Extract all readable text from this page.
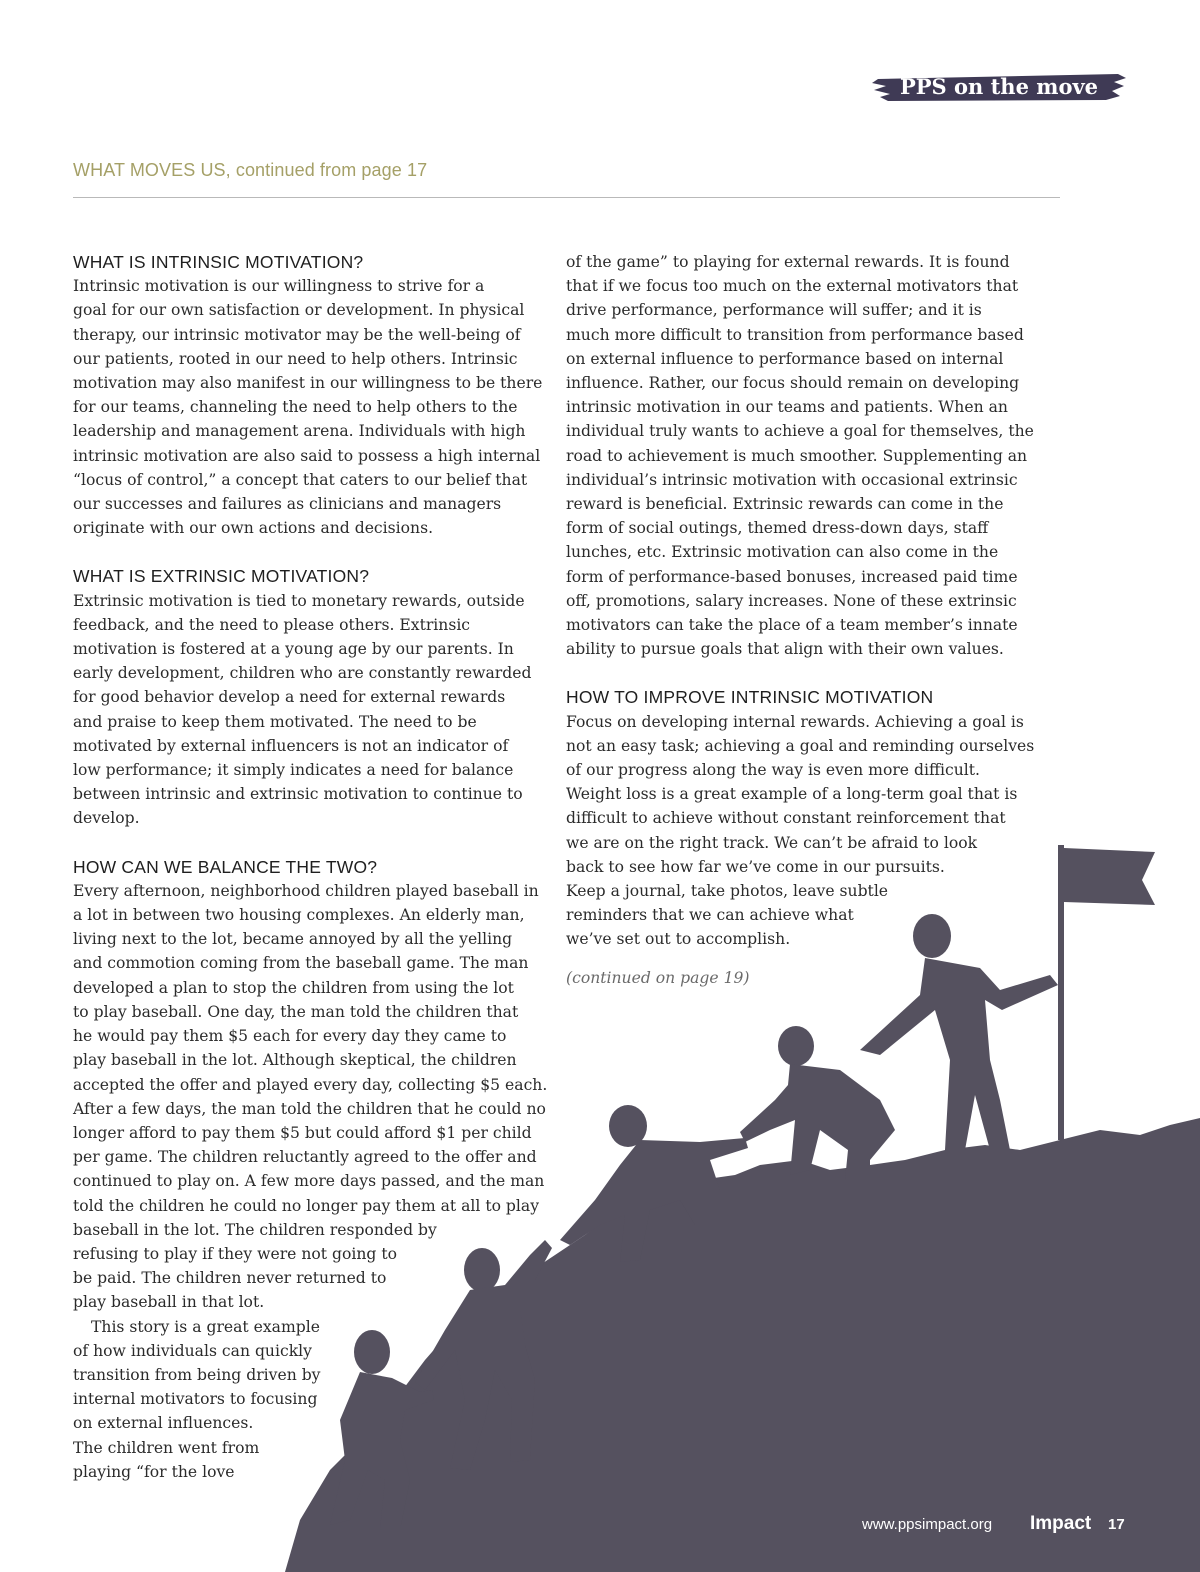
PPS on the move
WHAT MOVES US, continued from page 17
WHAT IS INTRINSIC MOTIVATION?
Intrinsic motivation is our willingness to strive for a
goal for our own satisfaction or development. In physical
therapy, our intrinsic motivator may be the well-being of
our patients, rooted in our need to help others. Intrinsic
motivation may also manifest in our willingness to be there
for our teams, channeling the need to help others to the
leadership and management arena. Individuals with high
intrinsic motivation are also said to possess a high internal
“locus of control,” a concept that caters to our belief that
our successes and failures as clinicians and managers
originate with our own actions and decisions.
WHAT IS EXTRINSIC MOTIVATION?
Extrinsic motivation is tied to monetary rewards, outside
feedback, and the need to please others. Extrinsic
motivation is fostered at a young age by our parents. In
early development, children who are constantly rewarded
for good behavior develop a need for external rewards
and praise to keep them motivated. The need to be
motivated by external influencers is not an indicator of
low performance; it simply indicates a need for balance
between intrinsic and extrinsic motivation to continue to
develop.
HOW CAN WE BALANCE THE TWO?
Every afternoon, neighborhood children played baseball in
a lot in between two housing complexes. An elderly man,
living next to the lot, became annoyed by all the yelling
and commotion coming from the baseball game. The man
developed a plan to stop the children from using the lot
to play baseball. One day, the man told the children that
he would pay them $5 each for every day they came to
play baseball in the lot. Although skeptical, the children
accepted the offer and played every day, collecting $5 each.
After a few days, the man told the children that he could no
longer afford to pay them $5 but could afford $1 per child
per game. The children reluctantly agreed to the offer and
continued to play on. A few more days passed, and the man
told the children he could no longer pay them at all to play
baseball in the lot. The children responded by
refusing to play if they were not going to
be paid. The children never returned to
play baseball in that lot.
This story is a great example
of how individuals can quickly
transition from being driven by
internal motivators to focusing
on external influences.
The children went from
playing “for the love
of the game” to playing for external rewards. It is found
that if we focus too much on the external motivators that
drive performance, performance will suffer; and it is
much more difficult to transition from performance based
on external influence to performance based on internal
influence. Rather, our focus should remain on developing
intrinsic motivation in our teams and patients. When an
individual truly wants to achieve a goal for themselves, the
road to achievement is much smoother. Supplementing an
individual’s intrinsic motivation with occasional extrinsic
reward is beneficial. Extrinsic rewards can come in the
form of social outings, themed dress-down days, staff
lunches, etc. Extrinsic motivation can also come in the
form of performance-based bonuses, increased paid time
off, promotions, salary increases. None of these extrinsic
motivators can take the place of a team member’s innate
ability to pursue goals that align with their own values.
HOW TO IMPROVE INTRINSIC MOTIVATION
Focus on developing internal rewards. Achieving a goal is
not an easy task; achieving a goal and reminding ourselves
of our progress along the way is even more difficult.
Weight loss is a great example of a long-term goal that is
difficult to achieve without constant reinforcement that
we are on the right track. We can’t be afraid to look
back to see how far we’ve come in our pursuits.
Keep a journal, take photos, leave subtle
reminders that we can achieve what
we’ve set out to accomplish.
(continued on page 19)
www.ppsimpact.org Impact 17
